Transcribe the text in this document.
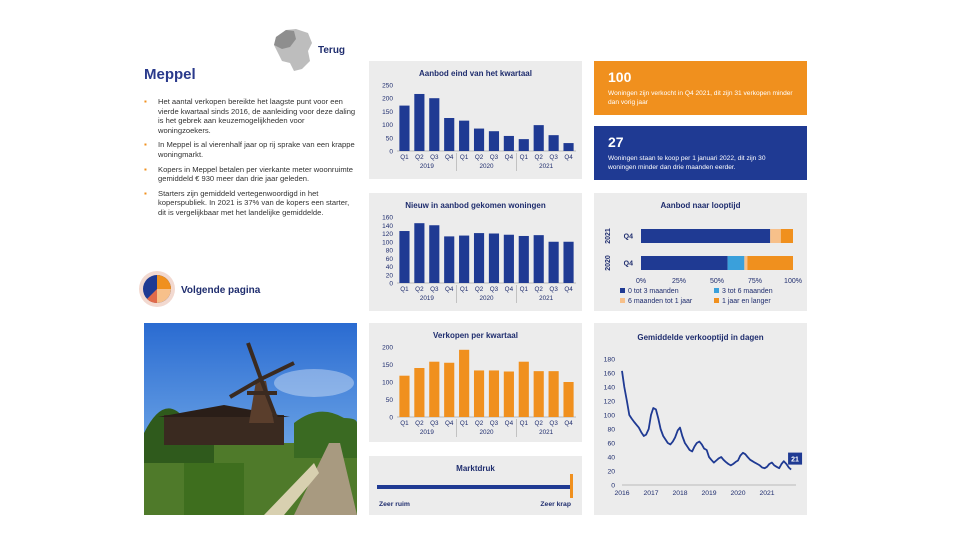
Terug
Meppel
▪ Het aantal verkopen bereikte het laagste punt voor een vierde kwartaal sinds 2016, de aanleiding voor deze daling is het gebrek aan keuzemogelijkheden voor woningzoekers.
▪ In Meppel is al vierenhalf jaar op rij sprake van een krappe woningmarkt.
▪ Kopers in Meppel betalen per vierkante meter woonruimte gemiddeld € 930 meer dan drie jaar geleden.
▪ Starters zijn gemiddeld vertegenwoordigd in het koperspubliek. In 2021 is 37% van de kopers een starter, dit is vergelijkbaar met het landelijke gemiddelde.
Volgende pagina
Aanbod eind van het kwartaal
0
50
100
150
200
250
Q1 Q2 Q3 Q4 Q1 Q2 Q3 Q4 Q1 Q2 Q3 Q4
2019	2020	2021
Nieuw in aanbod gekomen woningen
0
20
40
60
80
100
120
140
160
Q1 Q2 Q3 Q4 Q1 Q2 Q3 Q4 Q1 Q2 Q3 Q4
2019	2020	2021
Verkopen per kwartaal
0
50
100
150
200
Q1 Q2 Q3 Q4 Q1 Q2 Q3 Q4 Q1 Q2 Q3 Q4
2019	2020	2021
Marktdruk
Zeer ruim	Zeer krap
100
Woningen zijn verkocht in Q4 2021, dit zijn 31 verkopen minder dan vorig jaar
27
Woningen staan te koop per 1 januari 2022, dit zijn 30 woningen minder dan drie maanden eerder.
Aanbod naar looptijd
2021 Q4
2020 Q4
0%	25%	50%	75%	100%
0 tot 3 maanden	3 tot 6 maanden
6 maanden tot 1 jaar	1 jaar en langer
Gemiddelde verkooptijd in dagen
0
20
40
60
80
100
120
140
160
180
2016 2017 2018 2019 2020 2021
21
